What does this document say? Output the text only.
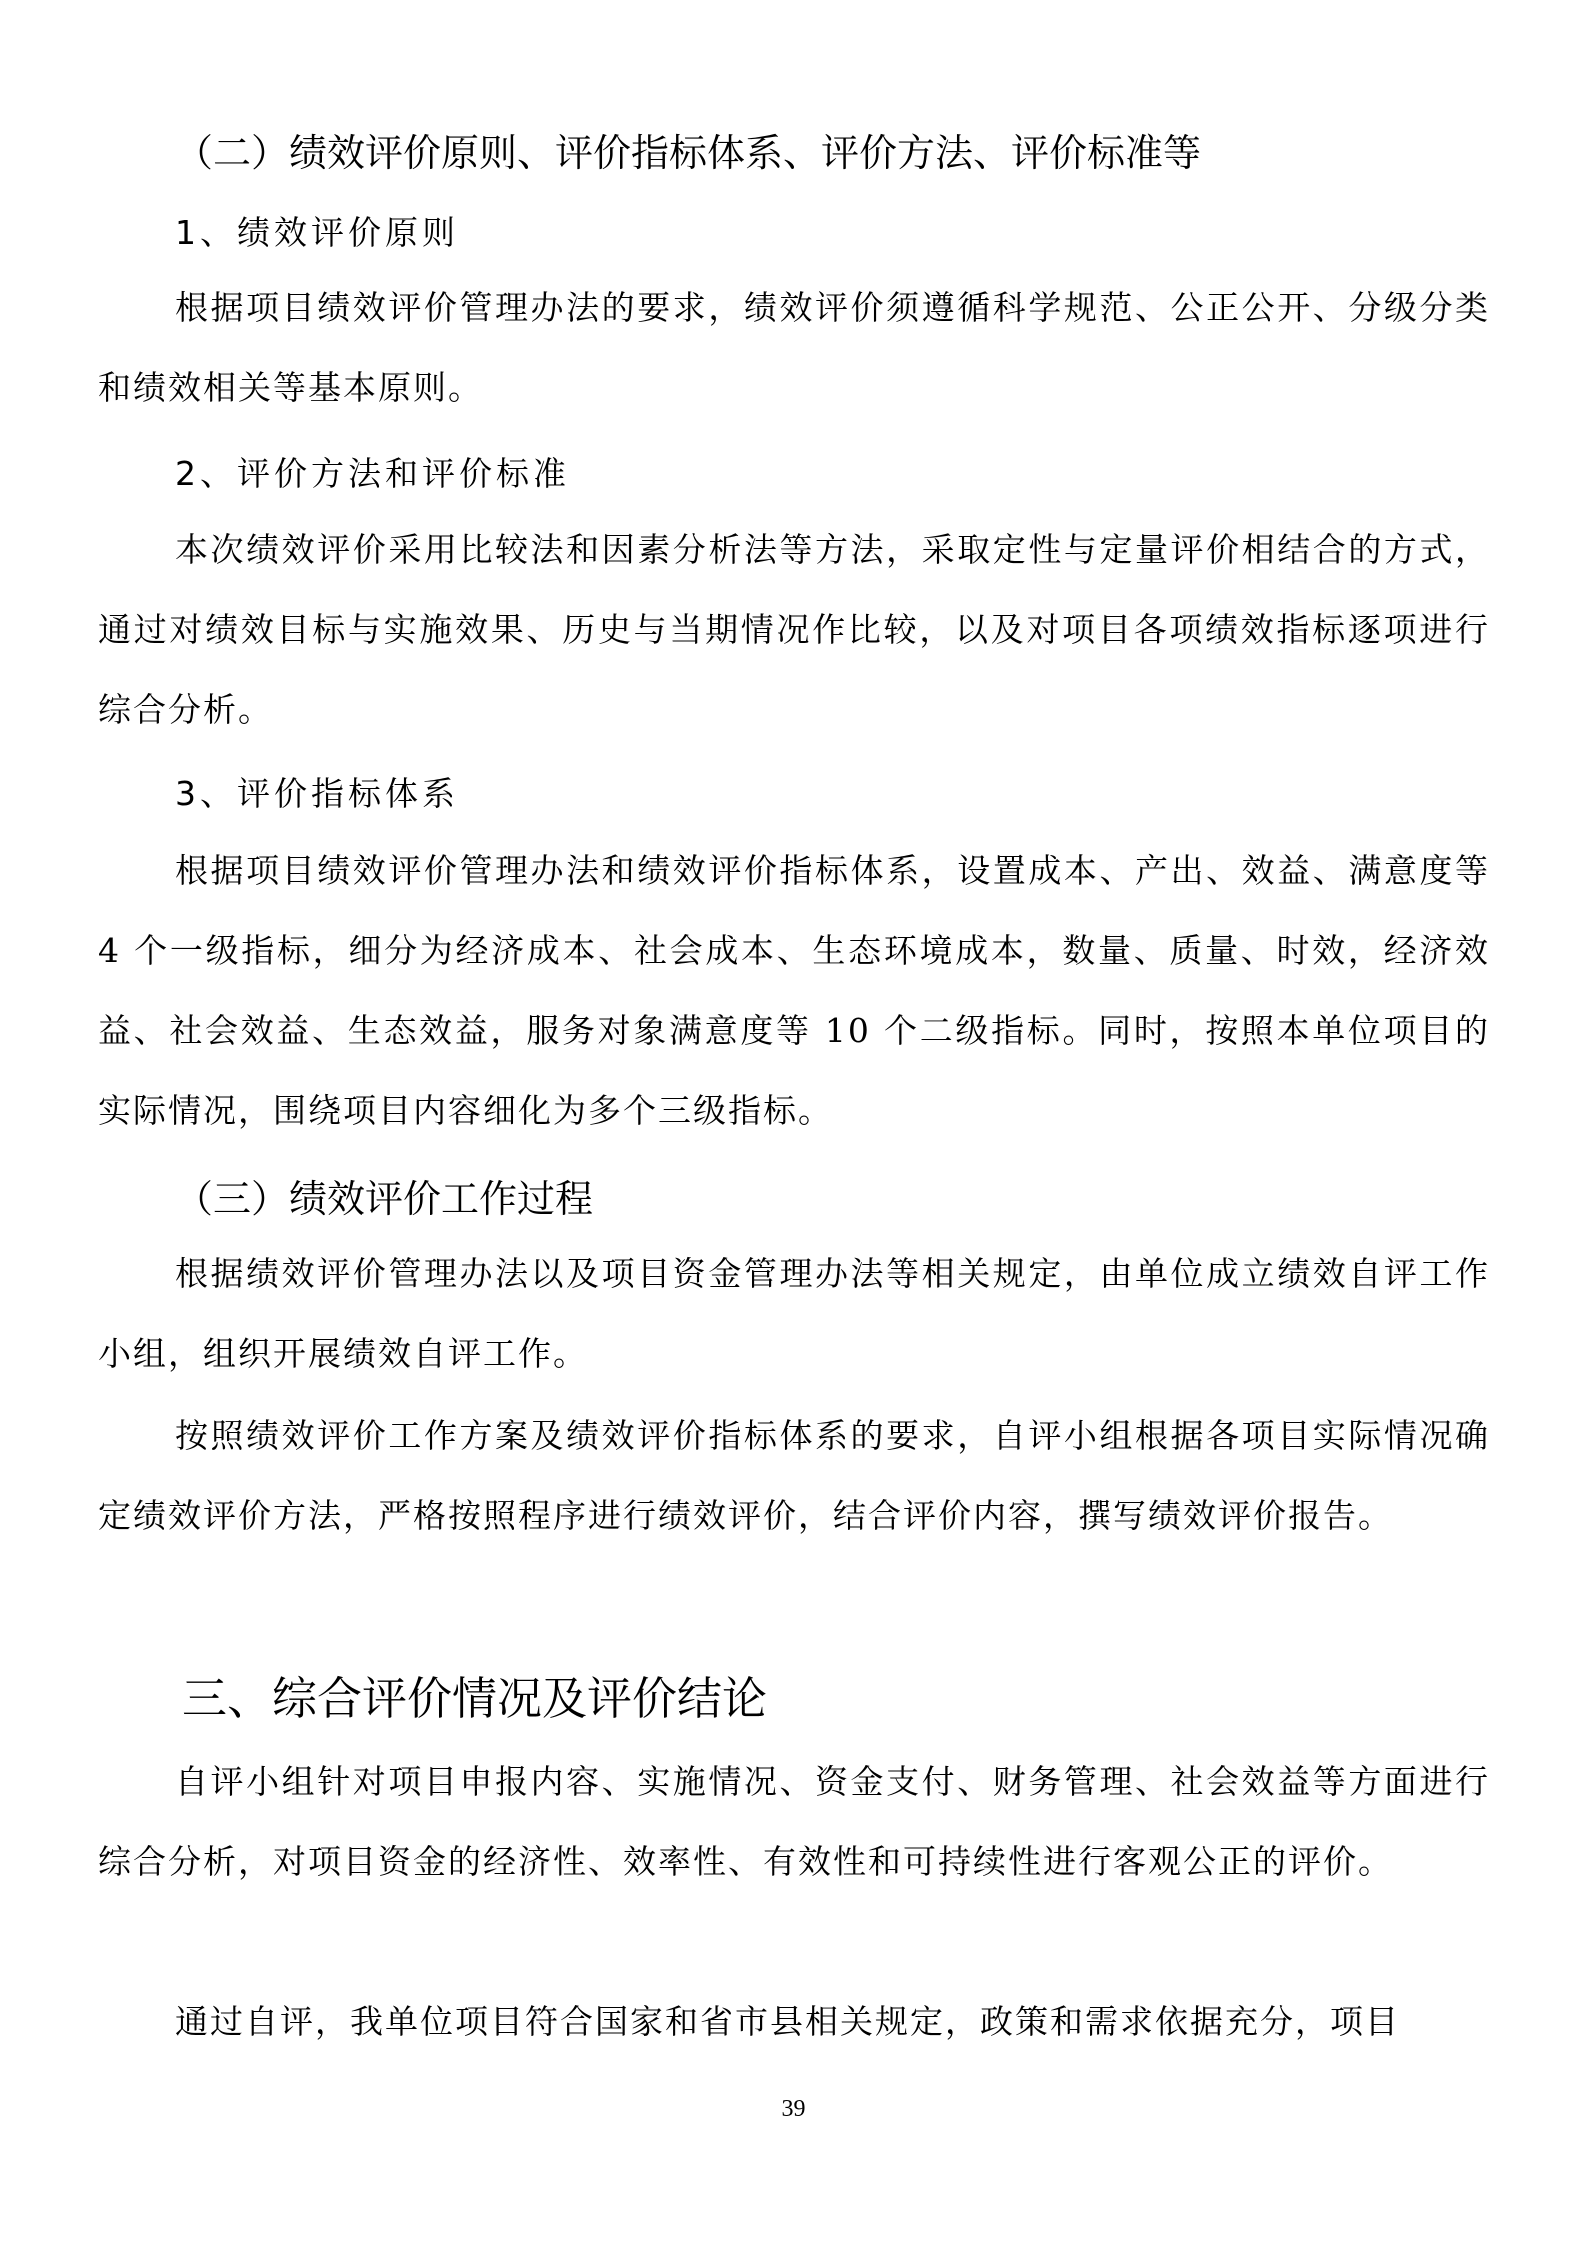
（二）绩效评价原则、评价指标体系、评价方法、评价标准等
1、绩效评价原则

根据项目绩效评价管理办法的要求，绩效评价须遵循科学规范、公正公开、分级分类和绩效相关等基本原则。

2、评价方法和评价标准

本次绩效评价采用比较法和因素分析法等方法，采取定性与定量评价相结合的方式，通过对绩效目标与实施效果、历史与当期情况作比较，以及对项目各项绩效指标逐项进行综合分析。

3、评价指标体系

根据项目绩效评价管理办法和绩效评价指标体系，设置成本、产出、效益、满意度等 4 个一级指标，细分为经济成本、社会成本、生态环境成本，数量、质量、时效，经济效益、社会效益、生态效益，服务对象满意度等 10 个二级指标。同时，按照本单位项目的实际情况，围绕项目内容细化为多个三级指标。

（三）绩效评价工作过程

根据绩效评价管理办法以及项目资金管理办法等相关规定，由单位成立绩效自评工作小组，组织开展绩效自评工作。

按照绩效评价工作方案及绩效评价指标体系的要求，自评小组根据各项目实际情况确定绩效评价方法，严格按照程序进行绩效评价，结合评价内容，撰写绩效评价报告。

三、综合评价情况及评价结论

自评小组针对项目申报内容、实施情况、资金支付、财务管理、社会效益等方面进行综合分析，对项目资金的经济性、效率性、有效性和可持续性进行客观公正的评价。

通过自评，我单位项目符合国家和省市县相关规定，政策和需求依据充分，项目

39
